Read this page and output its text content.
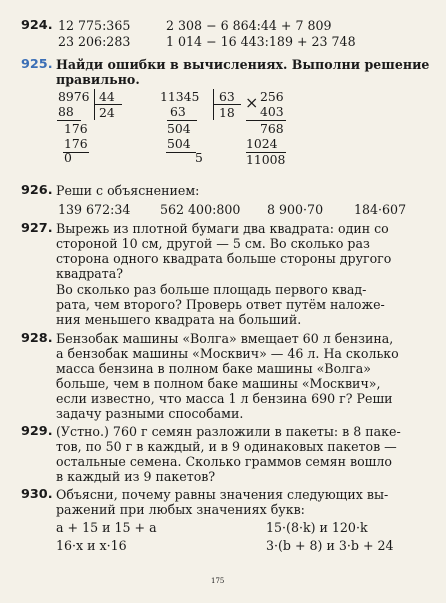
924. 12 775:365	2 308 − 6 864:44 + 7 809
23 206:283	1 014 − 16 443:189 + 23 748
925. Найди ошибки в вычислениях. Выполни решение
правильно.
8976 44
88 24
176
176
0
11345 63
63	18
504
504
5
× 256
403
768
1024
11008
926. Реши с объяснением:
139 672:34 562 400:800 8 900·70 184·607
927. Вырежь из плотной бумаги два квадрата: один со
стороной 10 см, другой — 5 см. Во сколько раз
сторона одного квадрата больше стороны другого
квадрата?
Во сколько раз больше площадь первого квад-
рата, чем второго? Проверь ответ путём наложе-
ния меньшего квадрата на больший.
928. Бензобак машины «Волга» вмещает 60 л бензина,
а бензобак машины «Москвич» — 46 л. На сколько
масса бензина в полном баке машины «Волга»
больше, чем в полном баке машины «Москвич»,
если известно, что масса 1 л бензина 690 г? Реши
задачу разными способами.
929. (Устно.) 760 г семян разложили в пакеты: в 8 паке-
тов, по 50 г в каждый, и в 9 одинаковых пакетов —
остальные семена. Сколько граммов семян вошло
в каждый из 9 пакетов?
930. Объясни, почему равны значения следующих вы-
ражений при любых значениях букв:
a + 15 и 15 + a	15·(8·k) и 120·k
16·x и x·16	3·(b + 8) и 3·b + 24
175
